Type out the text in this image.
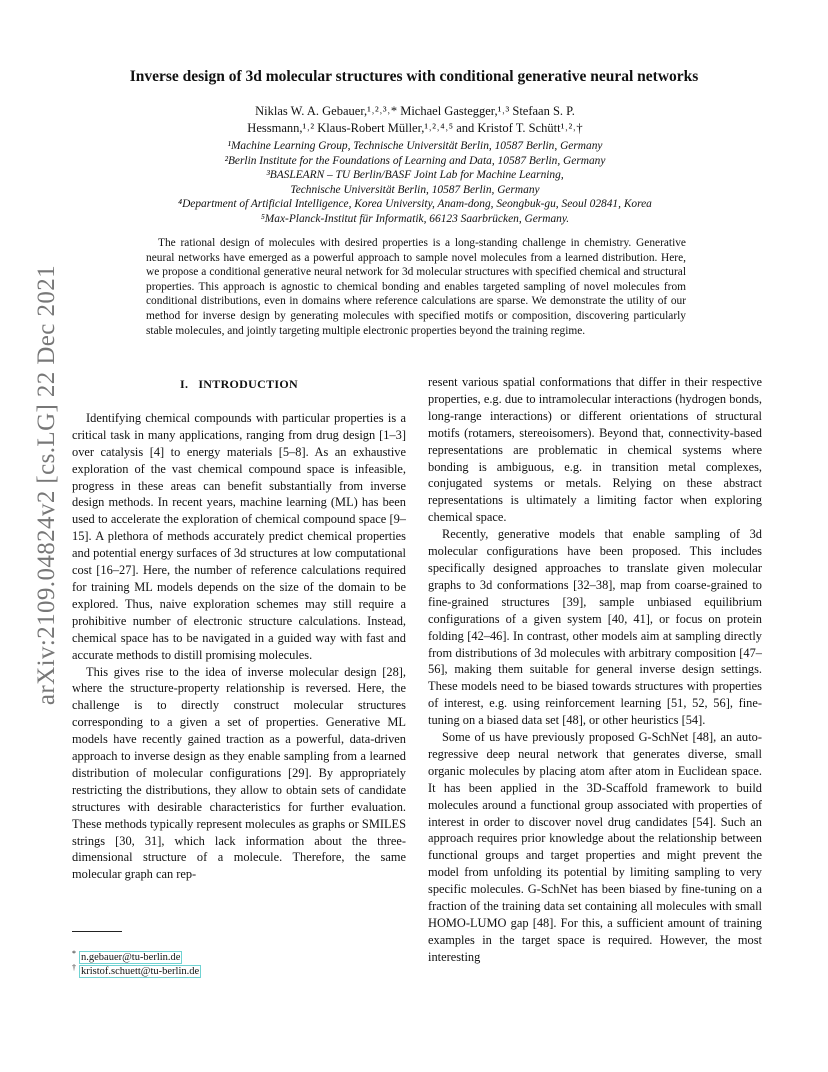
arXiv:2109.04824v2 [cs.LG] 22 Dec 2021
Inverse design of 3d molecular structures with conditional generative neural networks
Niklas W. A. Gebauer,¹˒²˒³˒* Michael Gastegger,¹˒³ Stefaan S. P.
Hessmann,¹˒² Klaus-Robert Müller,¹˒²˒⁴˒⁵ and Kristof T. Schütt¹˒²˒†
¹Machine Learning Group, Technische Universität Berlin, 10587 Berlin, Germany
²Berlin Institute for the Foundations of Learning and Data, 10587 Berlin, Germany
³BASLEARN – TU Berlin/BASF Joint Lab for Machine Learning,
Technische Universität Berlin, 10587 Berlin, Germany
⁴Department of Artificial Intelligence, Korea University, Anam-dong, Seongbuk-gu, Seoul 02841, Korea
⁵Max-Planck-Institut für Informatik, 66123 Saarbrücken, Germany.
The rational design of molecules with desired properties is a long-standing challenge in chemistry. Generative neural networks have emerged as a powerful approach to sample novel molecules from a learned distribution. Here, we propose a conditional generative neural network for 3d molecular structures with specified chemical and structural properties. This approach is agnostic to chemical bonding and enables targeted sampling of novel molecules from conditional distributions, even in domains where reference calculations are sparse. We demonstrate the utility of our method for inverse design by generating molecules with specified motifs or composition, discovering particularly stable molecules, and jointly targeting multiple electronic properties beyond the training regime.
I. INTRODUCTION

Identifying chemical compounds with particular properties is a critical task in many applications, ranging from drug design [1–3] over catalysis [4] to energy materials [5–8]. As an exhaustive exploration of the vast chemical compound space is infeasible, progress in these areas can benefit substantially from inverse design methods. In recent years, machine learning (ML) has been used to accelerate the exploration of chemical compound space [9–15]. A plethora of methods accurately predict chemical properties and potential energy surfaces of 3d structures at low computational cost [16–27]. Here, the number of reference calculations required for training ML models depends on the size of the domain to be explored. Thus, naive exploration schemes may still require a prohibitive number of electronic structure calculations. Instead, chemical space has to be navigated in a guided way with fast and accurate methods to distill promising molecules.

This gives rise to the idea of inverse molecular design [28], where the structure-property relationship is reversed. Here, the challenge is to directly construct molecular structures corresponding to a given a set of properties. Generative ML models have recently gained traction as a powerful, data-driven approach to inverse design as they enable sampling from a learned distribution of molecular configurations [29]. By appropriately restricting the distributions, they allow to obtain sets of candidate structures with desirable characteristics for further evaluation. These methods typically represent molecules as graphs or SMILES strings [30, 31], which lack information about the three-dimensional structure of a molecule. Therefore, the same molecular graph can rep-

resent various spatial conformations that differ in their respective properties, e.g. due to intramolecular interactions (hydrogen bonds, long-range interactions) or different orientations of structural motifs (rotamers, stereoisomers). Beyond that, connectivity-based representations are problematic in chemical systems where bonding is ambiguous, e.g. in transition metal complexes, conjugated systems or metals. Relying on these abstract representations is ultimately a limiting factor when exploring chemical space.

Recently, generative models that enable sampling of 3d molecular configurations have been proposed. This includes specifically designed approaches to translate given molecular graphs to 3d conformations [32–38], map from coarse-grained to fine-grained structures [39], sample unbiased equilibrium configurations of a given system [40, 41], or focus on protein folding [42–46]. In contrast, other models aim at sampling directly from distributions of 3d molecules with arbitrary composition [47–56], making them suitable for general inverse design settings. These models need to be biased towards structures with properties of interest, e.g. using reinforcement learning [51, 52, 56], fine-tuning on a biased data set [48], or other heuristics [54].

Some of us have previously proposed G-SchNet [48], an auto-regressive deep neural network that generates diverse, small organic molecules by placing atom after atom in Euclidean space. It has been applied in the 3D-Scaffold framework to build molecules around a functional group associated with properties of interest in order to discover novel drug candidates [54]. Such an approach requires prior knowledge about the relationship between functional groups and target properties and might prevent the model from unfolding its potential by limiting sampling to very specific molecules. G-SchNet has been biased by fine-tuning on a fraction of the training data set containing all molecules with small HOMO-LUMO gap [48]. For this, a sufficient amount of training examples in the target space is required. However, the most interesting

* n.gebauer@tu-berlin.de
† kristof.schuett@tu-berlin.de
